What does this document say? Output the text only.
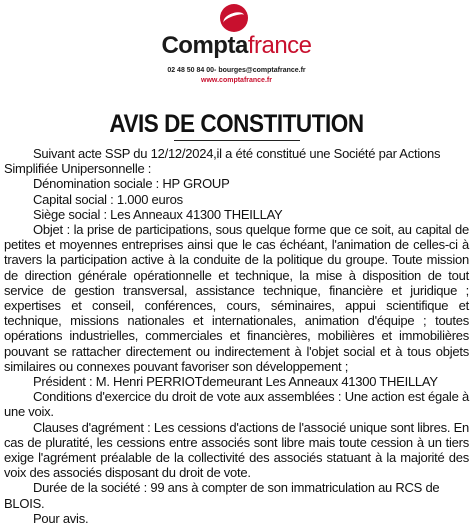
Comptafrance
02 48 50 84 00- bourges@comptafrance.fr
www.comptafrance.fr
AVIS DE CONSTITUTION

Suivant acte SSP du 12/12/2024,il a été constitué une Société par Actions Simplifiée Unipersonnelle :

Dénomination sociale : HP GROUP

Capital social : 1.000 euros

Siège social : Les Anneaux 41300 THEILLAY

Objet : la prise de participations, sous quelque forme que ce soit, au capital de petites et moyennes entreprises ainsi que le cas échéant, l'animation de celles-ci à travers la participation active à la conduite de la politique du groupe. Toute mission de direction générale opérationnelle et technique, la mise à disposition de tout service de gestion transversal, assistance technique, financière et juridique ; expertises et conseil, conférences, cours, séminaires, appui scientifique et technique, missions nationales et internationales, animation d'équipe ; toutes opérations industrielles, commerciales et financières, mobilières et immobilières pouvant se rattacher directement ou indirectement à l'objet social et à tous objets similaires ou connexes pouvant favoriser son développement ;

Président : M. Henri PERRIOTdemeurant Les Anneaux 41300 THEILLAY

Conditions d'exercice du droit de vote aux assemblées : Une action est égale à une voix.

Clauses d'agrément : Les cessions d'actions de l'associé unique sont libres. En cas de pluratité, les cessions entre associés sont libre mais toute cession à un tiers exige l'agrément préalable de la collectivité des associés statuant à la majorité des voix des associés disposant du droit de vote.

Durée de la société : 99 ans à compter de son immatriculation au RCS de BLOIS.

Pour avis.
